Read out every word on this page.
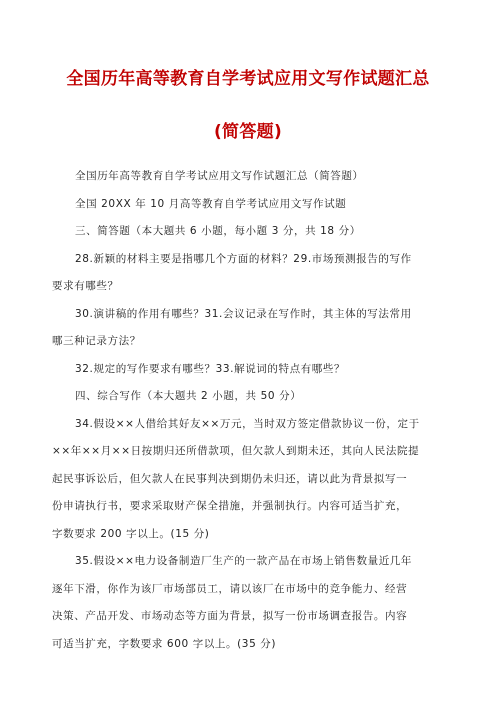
全国历年高等教育自学考试应用文写作试题汇总
(简答题)
全国历年高等教育自学考试应用文写作试题汇总（简答题）
全国 20XX 年 10 月高等教育自学考试应用文写作试题
三、简答题（本大题共 6 小题，每小题 3 分，共 18 分）
28.新颖的材料主要是指哪几个方面的材料？29.市场预测报告的写作
要求有哪些？
30.演讲稿的作用有哪些？31.会议记录在写作时，其主体的写法常用
哪三种记录方法？
32.规定的写作要求有哪些？33.解说词的特点有哪些？
四、综合写作（本大题共 2 小题，共 50 分）
34.假设××人借给其好友××万元，当时双方签定借款协议一份，定于
××年××月××日按期归还所借款项，但欠款人到期未还，其向人民法院提
起民事诉讼后，但欠款人在民事判决到期仍未归还，请以此为背景拟写一
份申请执行书，要求采取财产保全措施，并强制执行。内容可适当扩充，
字数要求 200 字以上。(15 分)
35.假设××电力设备制造厂生产的一款产品在市场上销售数量近几年
逐年下滑，你作为该厂市场部员工，请以该厂在市场中的竞争能力、经营
决策、产品开发、市场动态等方面为背景，拟写一份市场调查报告。内容
可适当扩充，字数要求 600 字以上。(35 分)
